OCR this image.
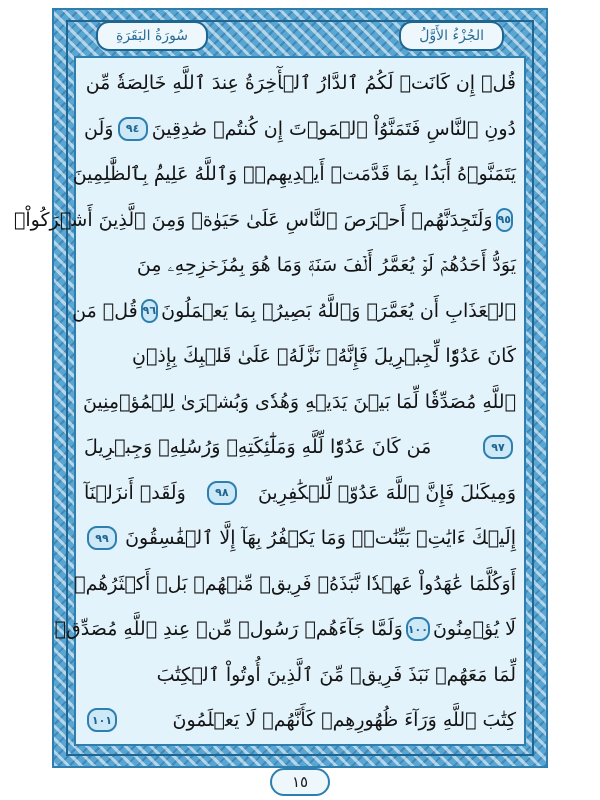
سُورَةُ البَقَرَةِ	الجُزْءُ الأَوَّلُ
قُلۡ إِن كَانَتۡ لَكُمُ ٱلدَّارُ ٱلۡأٓخِرَةُ عِندَ ٱللَّهِ خَالِصَةٗ مِّن
دُونِ ٱلنَّاسِ فَتَمَنَّوُاْ ٱلۡمَوۡتَ إِن كُنتُمۡ صَٰدِقِينَ
٩٤
وَلَن
يَتَمَنَّوۡهُ أَبَدَۢا بِمَا قَدَّمَتۡ أَيۡدِيهِمۡۚ وَٱللَّهُ عَلِيمُۢ بِٱلظَّٰلِمِينَ
٩٥
وَلَتَجِدَنَّهُمۡ أَحۡرَصَ ٱلنَّاسِ عَلَىٰ حَيَوٰةٖ وَمِنَ ٱلَّذِينَ أَشۡرَكُواْۚ
يَوَدُّ أَحَدُهُمۡ لَوۡ يُعَمَّرُ أَلۡفَ سَنَةٖ وَمَا هُوَ بِمُزَحۡزِحِهِۦ مِنَ
ٱلۡعَذَابِ أَن يُعَمَّرَۗ وَٱللَّهُ بَصِيرُۢ بِمَا يَعۡمَلُونَ
٩٦
قُلۡ مَن
كَانَ عَدُوّٗا لِّجِبۡرِيلَ فَإِنَّهُۥ نَزَّلَهُۥ عَلَىٰ قَلۡبِكَ بِإِذۡنِ
ٱللَّهِ مُصَدِّقٗا لِّمَا بَيۡنَ يَدَيۡهِ وَهُدٗى وَبُشۡرَىٰ لِلۡمُؤۡمِنِينَ
٩٧
مَن كَانَ عَدُوّٗا لِّلَّهِ وَمَلَٰٓئِكَتِهِۦ وَرُسُلِهِۦ وَجِبۡرِيلَ
وَمِيكَىٰلَ فَإِنَّ ٱللَّهَ عَدُوّٞ لِّلۡكَٰفِرِينَ
٩٨
وَلَقَدۡ أَنزَلۡنَآ
إِلَيۡكَ ءَايَٰتِۭ بَيِّنَٰتٖۖ وَمَا يَكۡفُرُ بِهَآ إِلَّا ٱلۡفَٰسِقُونَ
٩٩
أَوَكُلَّمَا عَٰهَدُواْ عَهۡدٗا نَّبَذَهُۥ فَرِيقٞ مِّنۡهُمۚ بَلۡ أَكۡثَرُهُمۡ
لَا يُؤۡمِنُونَ
١٠٠
وَلَمَّا جَآءَهُمۡ رَسُولٞ مِّنۡ عِندِ ٱللَّهِ مُصَدِّقٞ
لِّمَا مَعَهُمۡ نَبَذَ فَرِيقٞ مِّنَ ٱلَّذِينَ أُوتُواْ ٱلۡكِتَٰبَ
كِتَٰبَ ٱللَّهِ وَرَآءَ ظُهُورِهِمۡ كَأَنَّهُمۡ لَا يَعۡلَمُونَ
١٠١
١٥
